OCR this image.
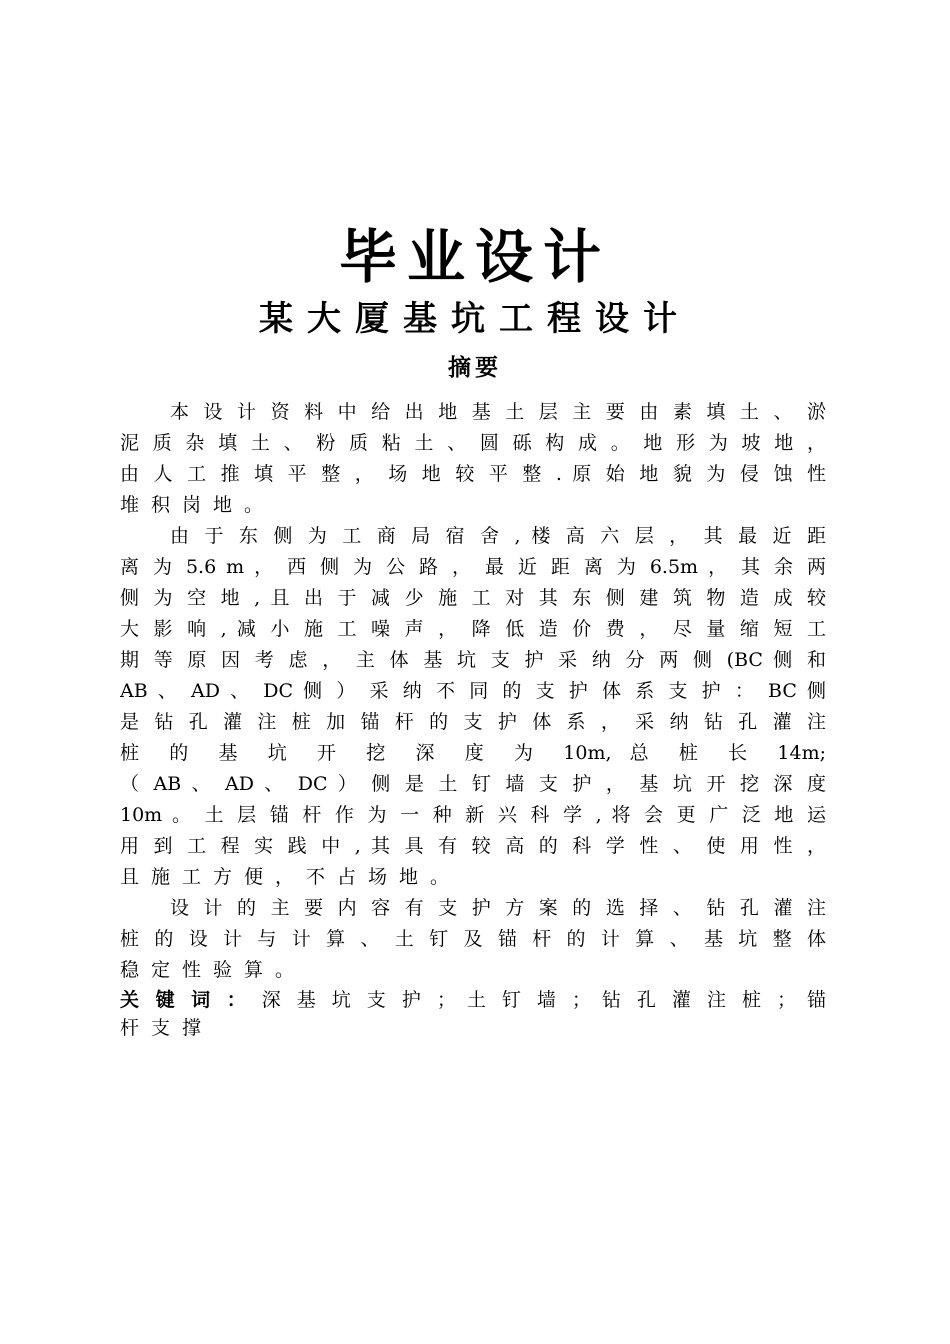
毕业设计
某大厦基坑工程设计
摘要
本 设 计 资 料 中 给 出 地 基 土 层 主 要 由 素 填 土 、 淤
泥 质 杂 填 土 、 粉 质 粘 土 、 圆 砾 构 成 。 地 形 为 坡 地 ，
由 人 工 推 填 平 整 ， 场 地 较 平 整 . 原 始 地 貌 为 侵 蚀 性
堆积岗地。
由 于 东 侧 为 工 商 局 宿 舍 , 楼 高 六 层 ， 其 最 近 距
离 为 5.6 m ， 西 侧 为 公 路 ， 最 近 距 离 为 6.5m ， 其 余 两
侧 为 空 地 , 且 出 于 减 少 施 工 对 其 东 侧 建 筑 物 造 成 较
大 影 响 , 减 小 施 工 噪 声 ， 降 低 造 价 费 ， 尽 量 缩 短 工
期 等 原 因 考 虑 ， 主 体 基 坑 支 护 采 纳 分 两 侧 (BC 侧 和
AB 、 AD 、 DC 侧 ） 采 纳 不 同 的 支 护 体 系 支 护 ： BC 侧
是 钻 孔 灌 注 桩 加 锚 杆 的 支 护 体 系 ， 采 纳 钻 孔 灌 注
桩 的 基 坑 开 挖 深 度 为 10m, 总 桩 长 14m;
（ AB 、 AD 、 DC ） 侧 是 土 钉 墙 支 护 ， 基 坑 开 挖 深 度
10m 。 土 层 锚 杆 作 为 一 种 新 兴 科 学 , 将 会 更 广 泛 地 运
用 到 工 程 实 践 中 , 其 具 有 较 高 的 科 学 性 、 使 用 性 ，
且施工方便，不占场地。
设 计 的 主 要 内 容 有 支 护 方 案 的 选 择 、 钻 孔 灌 注
桩 的 设 计 与 计 算 、 土 钉 及 锚 杆 的 计 算 、 基 坑 整 体
稳定性验算。
关 键 词 ： 深 基 坑 支 护 ； 土 钉 墙 ； 钻 孔 灌 注 桩 ； 锚
杆支撑
